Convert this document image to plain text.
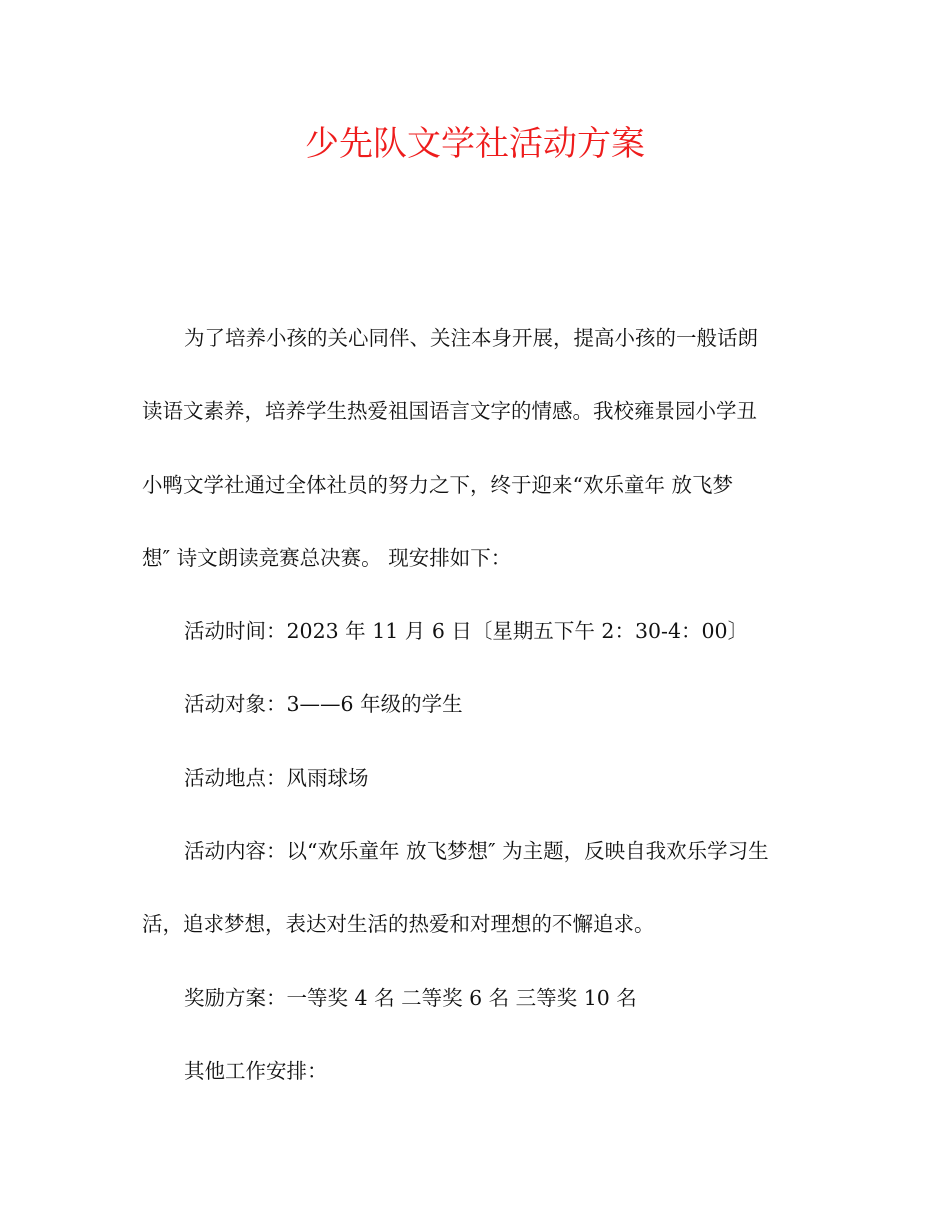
少先队文学社活动方案
为了培养小孩的关心同伴、关注本身开展，提高小孩的一般话朗
读语文素养，培养学生热爱祖国语言文字的情感。我校雍景园小学丑
小鸭文学社通过全体社员的努力之下，终于迎来“欢乐童年 放飞梦
想″ 诗文朗读竞赛总决赛。 现安排如下：
活动时间：2023 年 11 月 6 日〔星期五下午 2：30-4：00〕
活动对象：3——6 年级的学生
活动地点：风雨球场
活动内容：以“欢乐童年 放飞梦想″ 为主题，反映自我欢乐学习生
活，追求梦想，表达对生活的热爱和对理想的不懈追求。
奖励方案：一等奖 4 名 二等奖 6 名 三等奖 10 名
其他工作安排：
